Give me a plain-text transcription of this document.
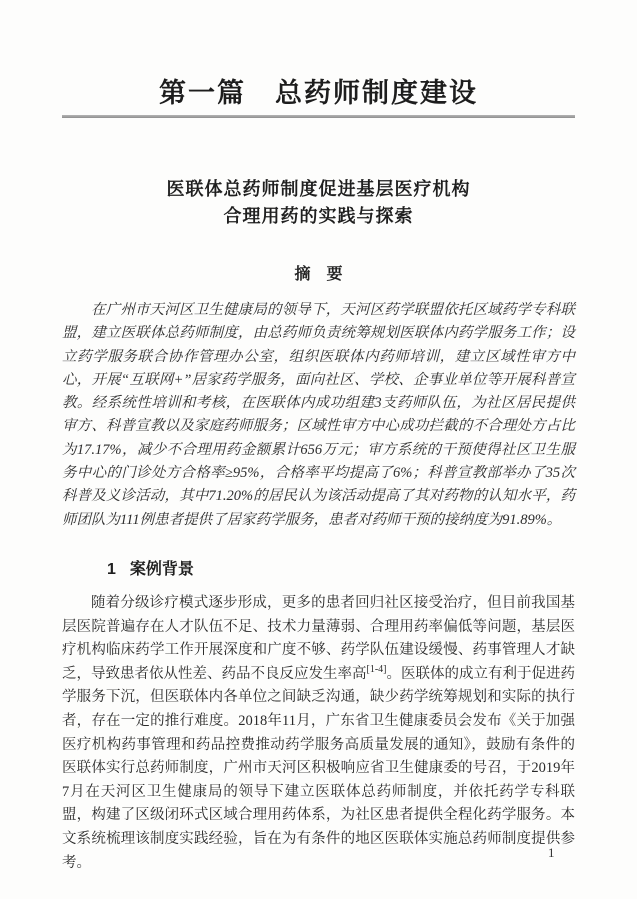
第一篇　总药师制度建设
医联体总药师制度促进基层医疗机构
合理用药的实践与探索
摘　要

在广州市天河区卫生健康局的领导下，天河区药学联盟依托区域药学专科联盟，建立医联体总药师制度，由总药师负责统筹规划医联体内药学服务工作；设立药学服务联合协作管理办公室，组织医联体内药师培训，建立区域性审方中心，开展“互联网+”居家药学服务，面向社区、学校、企事业单位等开展科普宣教。经系统性培训和考核，在医联体内成功组建3支药师队伍，为社区居民提供审方、科普宣教以及家庭药师服务；区域性审方中心成功拦截的不合理处方占比为17.17%，减少不合理用药金额累计656万元；审方系统的干预使得社区卫生服务中心的门诊处方合格率≥95%，合格率平均提高了6%；科普宣教部举办了35次科普及义诊活动，其中71.20%的居民认为该活动提高了其对药物的认知水平，药师团队为111例患者提供了居家药学服务，患者对药师干预的接纳度为91.89%。

1 案例背景

随着分级诊疗模式逐步形成，更多的患者回归社区接受治疗，但目前我国基层医院普遍存在人才队伍不足、技术力量薄弱、合理用药率偏低等问题，基层医疗机构临床药学工作开展深度和广度不够、药学队伍建设缓慢、药事管理人才缺乏，导致患者依从性差、药品不良反应发生率高[1-4]。医联体的成立有利于促进药学服务下沉，但医联体内各单位之间缺乏沟通，缺少药学统筹规划和实际的执行者，存在一定的推行难度。2018年11月，广东省卫生健康委员会发布《关于加强医疗机构药事管理和药品控费推动药学服务高质量发展的通知》，鼓励有条件的医联体实行总药师制度，广州市天河区积极响应省卫生健康委的号召，于2019年7月在天河区卫生健康局的领导下建立医联体总药师制度，并依托药学专科联盟，构建了区级闭环式区域合理用药体系，为社区患者提供全程化药学服务。本文系统梳理该制度实践经验，旨在为有条件的地区医联体实施总药师制度提供参考。

1
